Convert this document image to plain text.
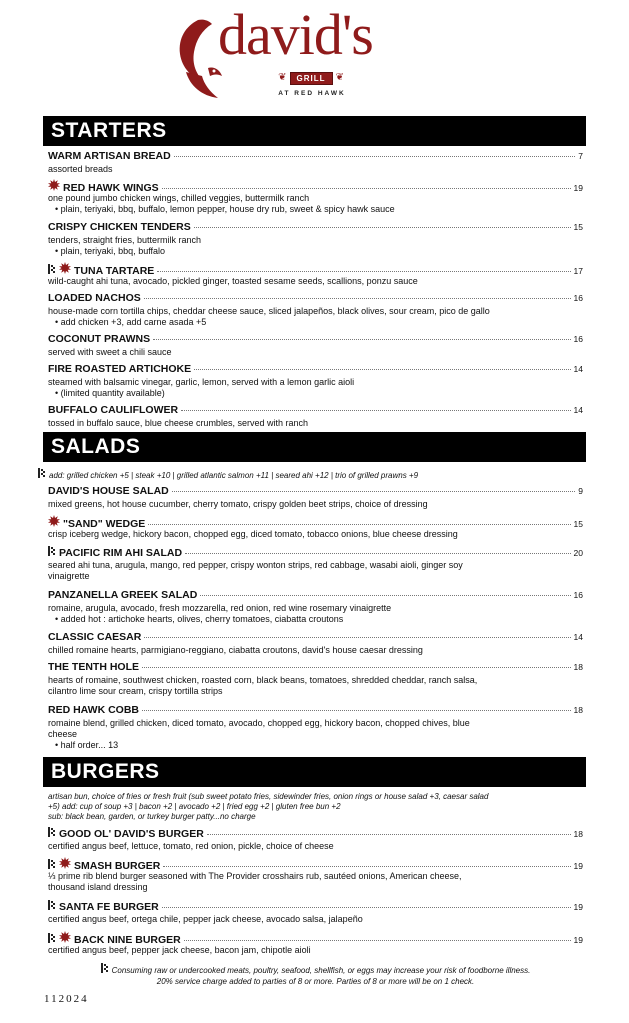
david's
❦	GRILL	❦
AT RED HAWK
STARTERS
WARM ARTISAN BREAD	7
assorted breads
RED HAWK WINGS	19
one pound jumbo chicken wings, chilled veggies, buttermilk ranch
• plain, teriyaki, bbq, buffalo, lemon pepper, house dry rub, sweet & spicy hawk sauce
CRISPY CHICKEN TENDERS	15
tenders, straight fries, buttermilk ranch
• plain, teriyaki, bbq, buffalo
TUNA TARTARE	17
wild-caught ahi tuna, avocado, pickled ginger, toasted sesame seeds, scallions, ponzu sauce
LOADED NACHOS	16
house-made corn tortilla chips, cheddar cheese sauce, sliced jalapeños, black olives, sour cream, pico de gallo
• add chicken +3, add carne asada +5
COCONUT PRAWNS	16
served with sweet a chili sauce
FIRE ROASTED ARTICHOKE	14
steamed with balsamic vinegar, garlic, lemon, served with a lemon garlic aioli
• (limited quantity available)
BUFFALO CAULIFLOWER	14
tossed in buffalo sauce, blue cheese crumbles, served with ranch
SALADS
add: grilled chicken +5 | steak +10 | grilled atlantic salmon +11 | seared ahi +12 | trio of grilled prawns +9
DAVID'S HOUSE SALAD	9
mixed greens, hot house cucumber, cherry tomato, crispy golden beet strips, choice of dressing
"SAND" WEDGE	15
crisp iceberg wedge, hickory bacon, chopped egg, diced tomato, tobacco onions, blue cheese dressing
PACIFIC RIM AHI SALAD	20
seared ahi tuna, arugula, mango, red pepper, crispy wonton strips, red cabbage, wasabi aioli, ginger soy
vinaigrette
PANZANELLA GREEK SALAD	16
romaine, arugula, avocado, fresh mozzarella, red onion, red wine rosemary vinaigrette
• added hot : artichoke hearts, olives, cherry tomatoes, ciabatta croutons
CLASSIC CAESAR	14
chilled romaine hearts, parmigiano-reggiano, ciabatta croutons, david's house caesar dressing
THE TENTH HOLE	18
hearts of romaine, southwest chicken, roasted corn, black beans, tomatoes, shredded cheddar, ranch salsa,
cilantro lime sour cream, crispy tortilla strips
RED HAWK COBB	18
romaine blend, grilled chicken, diced tomato, avocado, chopped egg, hickory bacon, chopped chives, blue
cheese
• half order... 13
BURGERS
artisan bun, choice of fries or fresh fruit (sub sweet potato fries, sidewinder fries, onion rings or house salad +3, caesar salad
+5) add: cup of soup +3 | bacon +2 | avocado +2 | fried egg +2 | gluten free bun +2
sub: black bean, garden, or turkey burger patty...no charge
GOOD OL' DAVID'S BURGER	18
certified angus beef, lettuce, tomato, red onion, pickle, choice of cheese
SMASH BURGER	19
⅓ prime rib blend burger seasoned with The Provider crosshairs rub, sautéed onions, American cheese,
thousand island dressing
SANTA FE BURGER	19
certified angus beef, ortega chile, pepper jack cheese, avocado salsa, jalapeño
BACK NINE BURGER	19
certified angus beef, pepper jack cheese, bacon jam, chipotle aioli
Consuming raw or undercooked meats, poultry, seafood, shellfish, or eggs may increase your risk of foodborne illness.
20% service charge added to parties of 8 or more. Parties of 8 or more will be on 1 check.
112024
